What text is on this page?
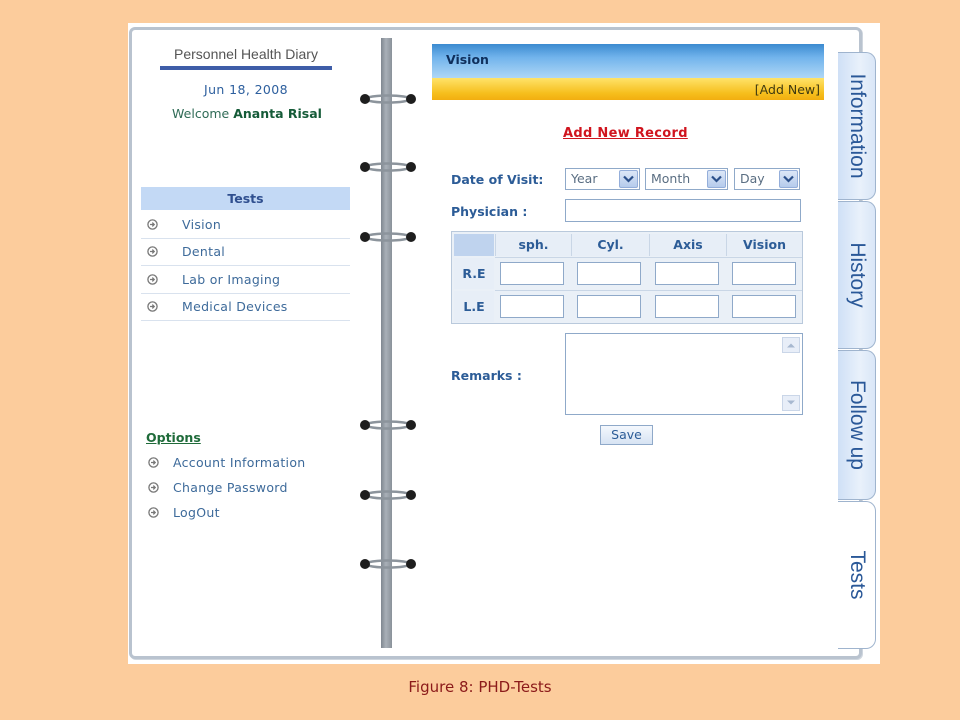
Personnel Health Diary
Jun 18, 2008
Welcome Ananta Risal
Tests
Vision
Dental
Lab or Imaging
Medical Devices
Options
Account Information
Change Password
LogOut
Vision
[Add New]
Add New Record
Date of Visit:	Year	Month	Day
Physician :
sph.	Cyl.	Axis	Vision
R.E
L.E
Remarks :
Save
Information
History
Follow up
Tests
Figure 8: PHD-Tests
